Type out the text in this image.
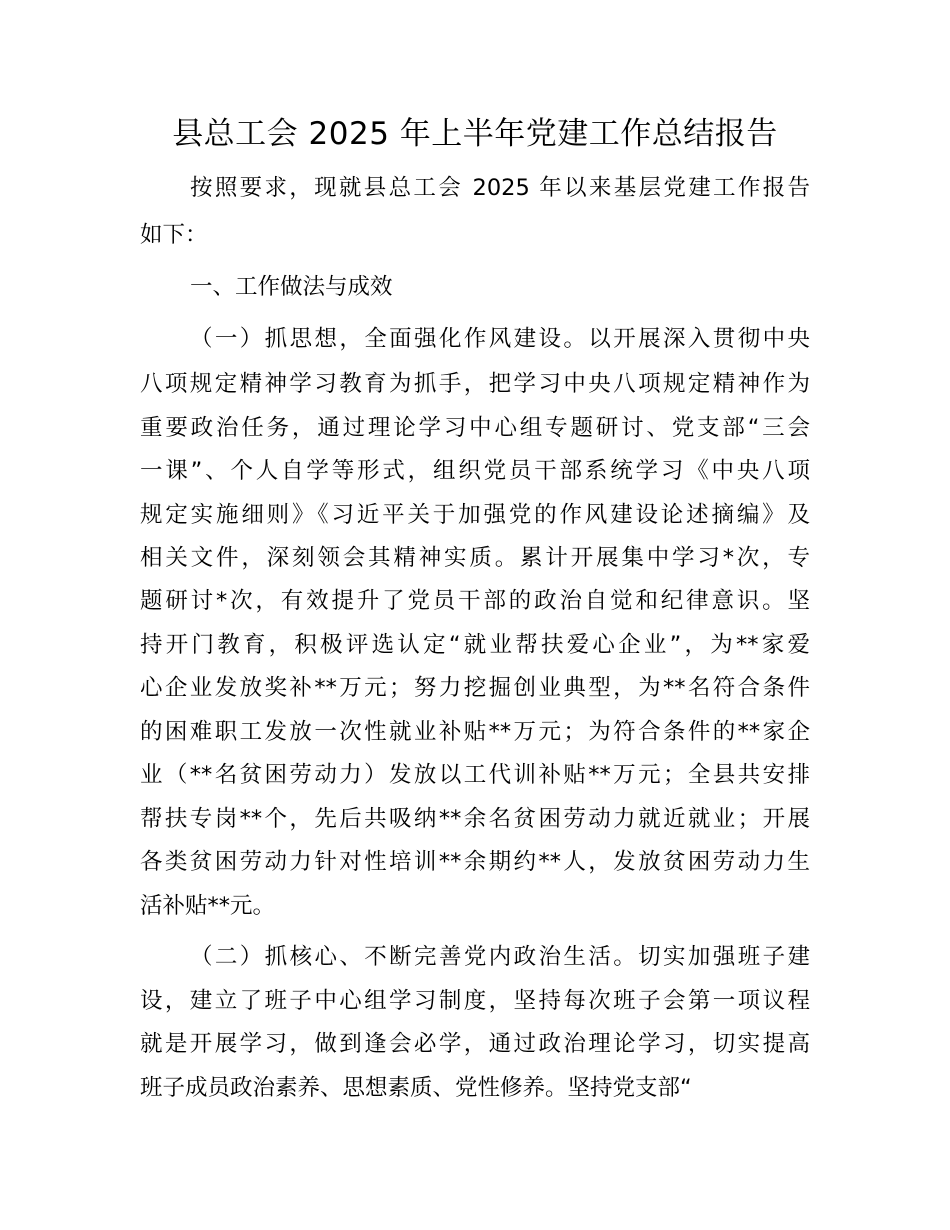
县总工会 2025 年上半年党建工作总结报告
按照要求，现就县总工会 2025 年以来基层党建工作报告
如下：
一、工作做法与成效
（一）抓思想，全面强化作风建设。以开展深入贯彻中央
八项规定精神学习教育为抓手，把学习中央八项规定精神作为
重要政治任务，通过理论学习中心组专题研讨、党支部“三会
一课”、个人自学等形式，组织党员干部系统学习《中央八项
规定实施细则》《习近平关于加强党的作风建设论述摘编》及
相关文件，深刻领会其精神实质。累计开展集中学习*次，专
题研讨*次，有效提升了党员干部的政治自觉和纪律意识。坚
持开门教育，积极评选认定“就业帮扶爱心企业”，为**家爱
心企业发放奖补**万元；努力挖掘创业典型，为**名符合条件
的困难职工发放一次性就业补贴**万元；为符合条件的**家企
业（**名贫困劳动力）发放以工代训补贴**万元；全县共安排
帮扶专岗**个，先后共吸纳**余名贫困劳动力就近就业；开展
各类贫困劳动力针对性培训**余期约**人，发放贫困劳动力生
活补贴**元。
（二）抓核心、不断完善党内政治生活。切实加强班子建
设，建立了班子中心组学习制度，坚持每次班子会第一项议程
就是开展学习，做到逢会必学，通过政治理论学习，切实提高
班子成员政治素养、思想素质、党性修养。坚持党支部“
